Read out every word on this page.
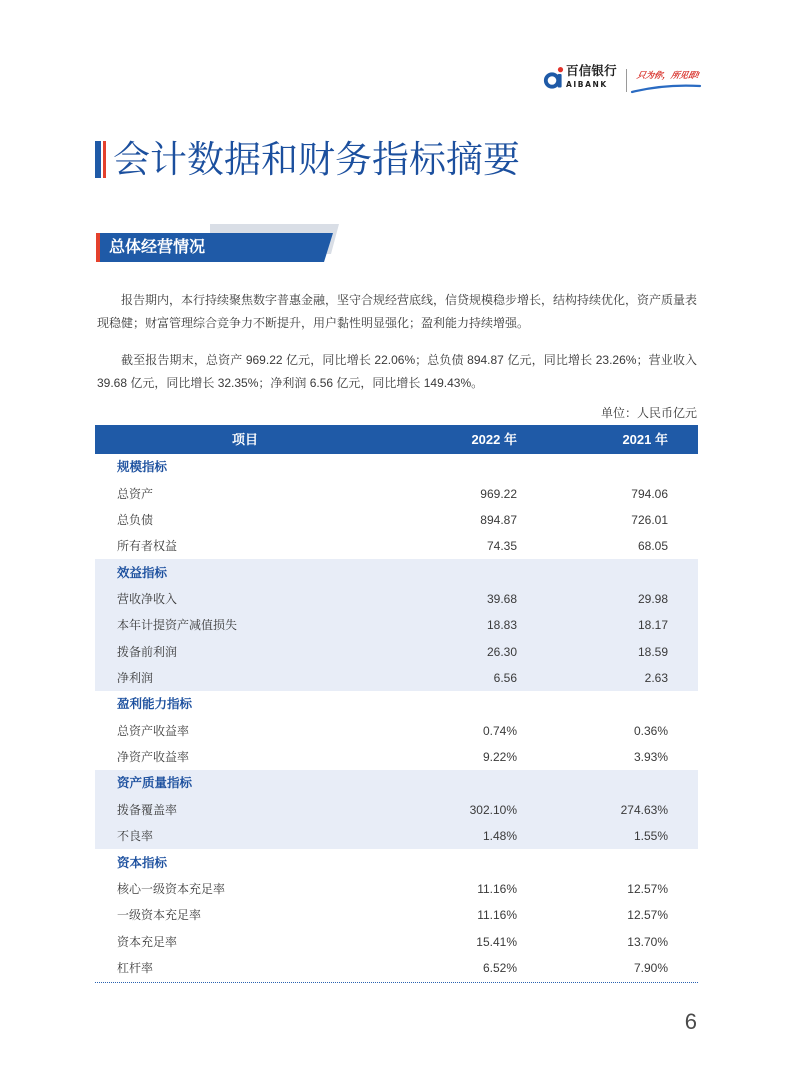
百信银行
AIBANK
只为你，所见即!
会计数据和财务指标摘要
总体经营情况
报告期内，本行持续聚焦数字普惠金融，坚守合规经营底线，信贷规模稳步增长，结构持续优化，资产质量表
现稳健；财富管理综合竞争力不断提升，用户黏性明显强化；盈利能力持续增强。
截至报告期末，总资产 969.22 亿元，同比增长 22.06%；总负债 894.87 亿元，同比增长 23.26%；营业收入
39.68 亿元，同比增长 32.35%；净利润 6.56 亿元，同比增长 149.43%。
单位：人民币亿元
项目	2022 年	2021 年
规模指标
总资产	969.22	794.06
总负债	894.87	726.01
所有者权益	74.35	68.05
效益指标
营收净收入	39.68	29.98
本年计提资产减值损失	18.83	18.17
拨备前利润	26.30	18.59
净利润	6.56	2.63
盈利能力指标
总资产收益率	0.74%	0.36%
净资产收益率	9.22%	3.93%
资产质量指标
拨备覆盖率	302.10%	274.63%
不良率	1.48%	1.55%
资本指标
核心一级资本充足率	11.16%	12.57%
一级资本充足率	11.16%	12.57%
资本充足率	15.41%	13.70%
杠杆率	6.52%	7.90%
6
